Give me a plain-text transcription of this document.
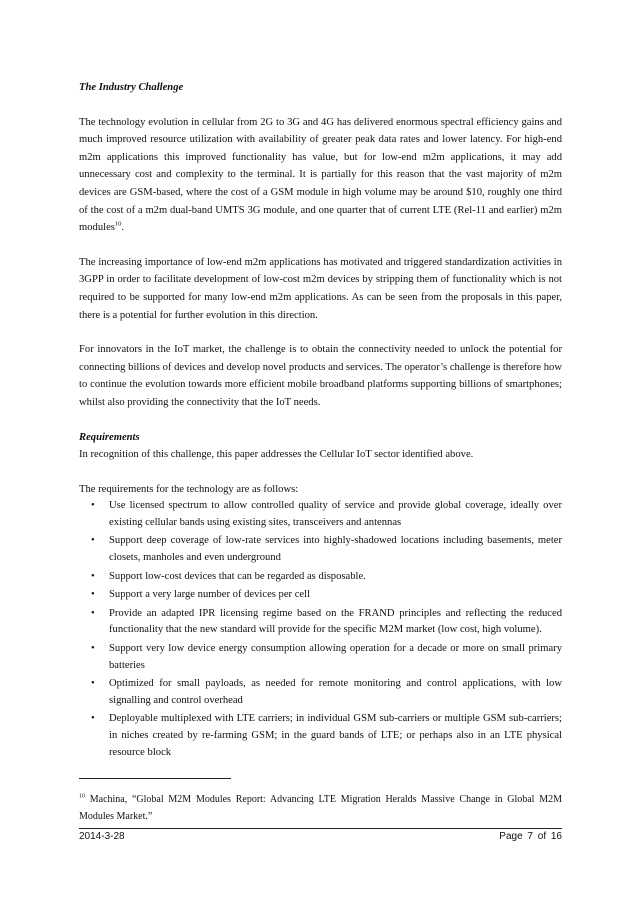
The Industry Challenge

The technology evolution in cellular from 2G to 3G and 4G has delivered enormous spectral efficiency gains and much improved resource utilization with availability of greater peak data rates and lower latency. For high-end m2m applications this improved functionality has value, but for low-end m2m applications, it may add unnecessary cost and complexity to the terminal. It is partially for this reason that the vast majority of m2m devices are GSM-based, where the cost of a GSM module in high volume may be around $10, roughly one third of the cost of a m2m dual-band UMTS 3G module, and one quarter that of current LTE (Rel-11 and earlier) m2m modules$^{10}$.

The increasing importance of low-end m2m applications has motivated and triggered standardization activities in 3GPP in order to facilitate development of low-cost m2m devices by stripping them of functionality which is not required to be supported for many low-end m2m applications. As can be seen from the proposals in this paper, there is a potential for further evolution in this direction.

For innovators in the IoT market, the challenge is to obtain the connectivity needed to unlock the potential for connecting billions of devices and develop novel products and services. The operator’s challenge is therefore how to continue the evolution towards more efficient mobile broadband platforms supporting billions of smartphones; whilst also providing the connectivity that the IoT needs.

Requirements

In recognition of this challenge, this paper addresses the Cellular IoT sector identified above.

The requirements for the technology are as follows:

• Use licensed spectrum to allow controlled quality of service and provide global coverage, ideally over existing cellular bands using existing sites, transceivers and antennas
• Support deep coverage of low-rate services into highly-shadowed locations including basements, meter closets, manholes and even underground
• Support low-cost devices that can be regarded as disposable.
• Support a very large number of devices per cell
• Provide an adapted IPR licensing regime based on the FRAND principles and reflecting the reduced functionality that the new standard will provide for the specific M2M market (low cost, high volume).
• Support very low device energy consumption allowing operation for a decade or more on small primary batteries
• Optimized for small payloads, as needed for remote monitoring and control applications, with low signalling and control overhead
• Deployable multiplexed with LTE carriers; in individual GSM sub-carriers or multiple GSM sub-carriers; in niches created by re-farming GSM; in the guard bands of LTE; or perhaps also in an LTE physical resource block
$^{10}$ Machina, “Global M2M Modules Report: Advancing LTE Migration Heralds Massive Change in Global M2M Modules Market.”
2014-3-28	Page 7 of 16
